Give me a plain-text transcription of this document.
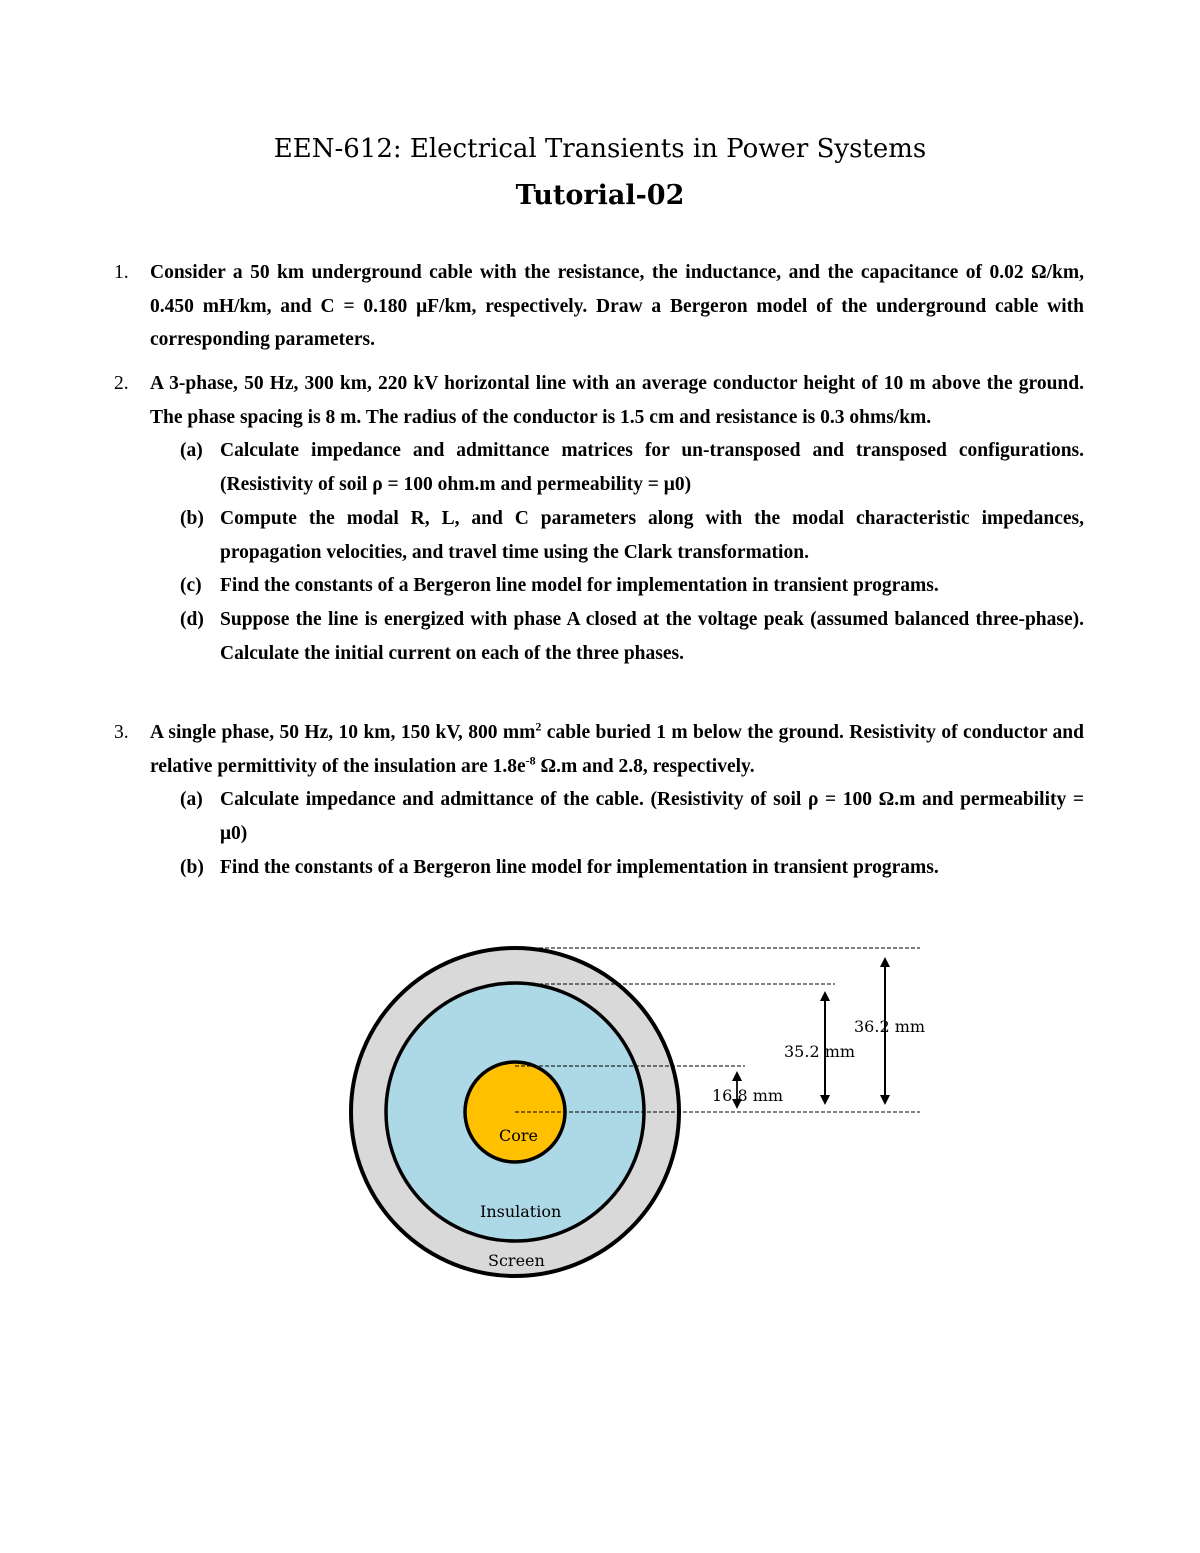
EEN-612: Electrical Transients in Power Systems
Tutorial-02
1. Consider a 50 km underground cable with the resistance, the inductance, and the capacitance of 0.02 Ω/km, 0.450 mH/km, and C = 0.180 μF/km, respectively. Draw a Bergeron model of the underground cable with corresponding parameters.
2. A 3-phase, 50 Hz, 300 km, 220 kV horizontal line with an average conductor height of 10 m above the ground. The phase spacing is 8 m. The radius of the conductor is 1.5 cm and resistance is 0.3 ohms/km.
(a) Calculate impedance and admittance matrices for un-transposed and transposed configurations. (Resistivity of soil ρ = 100 ohm.m and permeability = μ0)
(b) Compute the modal R, L, and C parameters along with the modal characteristic impedances, propagation velocities, and travel time using the Clark transformation.
(c) Find the constants of a Bergeron line model for implementation in transient programs.
(d) Suppose the line is energized with phase A closed at the voltage peak (assumed balanced three-phase). Calculate the initial current on each of the three phases.
3. A single phase, 50 Hz, 10 km, 150 kV, 800 $mm^2$ cable buried 1 m below the ground. Resistivity of conductor and relative permittivity of the insulation are $1.8e^{-8}$ Ω.m and 2.8, respectively.
(a) Calculate impedance and admittance of the cable. (Resistivity of soil ρ = 100 Ω.m and permeability = μ0)
(b) Find the constants of a Bergeron line model for implementation in transient programs.
36.2 mm
35.2 mm
16.8 mm
Core
Insulation
Screen
